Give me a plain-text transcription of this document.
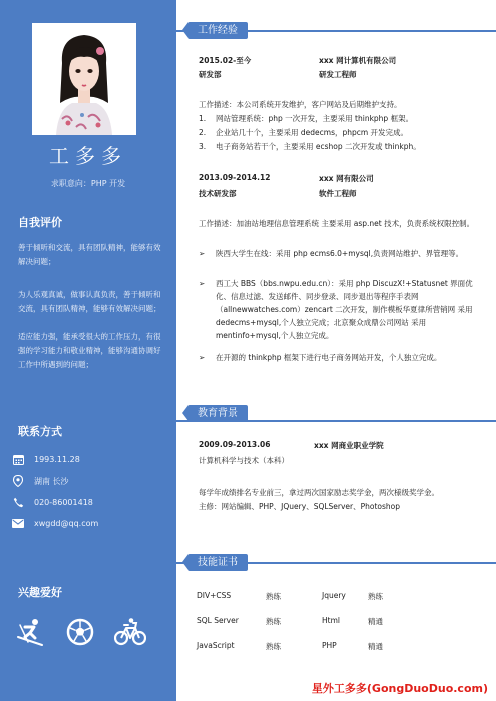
工多多
求职意向：PHP 开发
自我评价
善于倾听和交流，具有团队精神，能够有效解决问题；
为人乐观真诚，做事认真负责，善于倾听和交流，具有团队精神，能够有效解决问题；
适应能力强，能承受很大的工作压力，有很强的学习能力和敬业精神，能够沟通协调好工作中所遇到的问题；
联系方式
1993.11.28
湖南 长沙
020-86001418
xwgdd@qq.com
兴趣爱好
工作经验
2015.02-至今	xxx 网计算机有限公司
研发部	研发工程师
工作描述：本公司系统开发维护，客户网站及后期维护支持。
1.	网站管理系统：php 一次开发，主要采用 thinkphp 框架。
2.	企业站几十个，主要采用 dedecms，phpcm 开发完成。
3.	电子商务站若干个，主要采用 ecshop 二次开发或 thinkph。
2013.09-2014.12	xxx 网有限公司
技术研发部	软件工程师
工作描述：加油站地理信息管理系统 主要采用 asp.net 技术，负责系统权限控制。
➢	陕西大学生在线：采用 php ecms6.0+mysql,负责网站维护、界管理等。
➢	西工大 BBS（bbs.nwpu.edu.cn）：采用 php DiscuzX!+Statusnet 界面优化、信息过滤、发送邮件、同步登录、同步退出等程序手表网（allnewwatches.com）zencart 二次开发，制作模板华夏律所营销网 采用 dedecms+mysql,个人独立完成；北京聚众成鼎公司网站 采用 mentinfo+mysql,个人独立完成。
➢	在开源的 thinkphp 框架下进行电子商务网站开发，个人独立完成。
教育背景
2009.09-2013.06	xxx 网商业职业学院
计算机科学与技术（本科）
每学年成绩排名专业前三，拿过两次国家励志奖学金，两次様级奖学金。
主修：网站编辑、PHP、JQuery、SQLServer、Photoshop
技能证书
DIV+CSS	熟练	Jquery	熟练
SQL Server	熟练	Html	精通
JavaScript	熟练	PHP	精通
星外工多多(GongDuoDuo.com)
